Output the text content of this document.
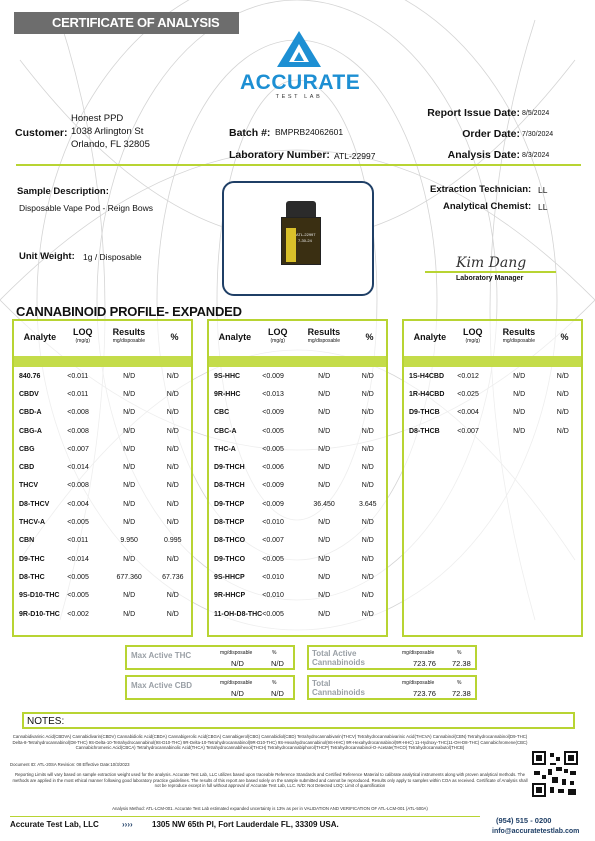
CERTIFICATE OF ANALYSIS
ACCURATE
TEST LAB
Customer:
Honest PPD
1038 Arlington St
Orlando, FL 32805
Batch #: BMPRB24062601
Laboratory Number: ATL-22997
Report Issue Date: 8/5/2024
Order Date: 7/30/2024
Analysis Date: 8/3/2024
Sample Description:
Disposable Vape Pod - Reign Bows
Unit Weight: 1g / Disposable
ATL-22997
7-30-24
Extraction Technician: LL
Analytical Chemist: LL
Kim Dang
Laboratory Manager
CANNABINOID PROFILE- EXPANDED
Analyte	LOQ
(mg/g)
Results
mg/disposable	%
840.76	<0.011	N/D	N/D
CBDV	<0.011	N/D	N/D
CBD-A	<0.008	N/D	N/D
CBG-A	<0.008	N/D	N/D
CBG	<0.007	N/D	N/D
CBD	<0.014	N/D	N/D
THCV	<0.008	N/D	N/D
D8-THCV	<0.004	N/D	N/D
THCV-A	<0.005	N/D	N/D
CBN	<0.011	9.950	0.995
D9-THC	<0.014	N/D	N/D
D8-THC	<0.005	677.360	67.736
9S-D10-THC	<0.005	N/D	N/D
9R-D10-THC	<0.002	N/D	N/D
Analyte	LOQ
(mg/g)
Results
mg/disposable	%
9S-HHC	<0.009	N/D	N/D
9R-HHC	<0.013	N/D	N/D
CBC	<0.009	N/D	N/D
CBC-A	<0.005	N/D	N/D
THC-A	<0.005	N/D	N/D
D9-THCH	<0.006	N/D	N/D
D8-THCH	<0.009	N/D	N/D
D9-THCP	<0.009	36.450	3.645
D8-THCP	<0.010	N/D	N/D
D8-THCO	<0.007	N/D	N/D
D9-THCO	<0.005	N/D	N/D
9S-HHCP	<0.010	N/D	N/D
9R-HHCP	<0.010	N/D	N/D
11-OH-D8-THC <0.005	N/D	N/D
Analyte	LOQ
(mg/g)
Results
mg/disposable	%
1S-H4CBD	<0.012	N/D	N/D
1R-H4CBD	<0.025	N/D	N/D
D9-THCB	<0.004	N/D	N/D
D8-THCB	<0.007	N/D	N/D
Max Active THC	mg/disposable	%
N/D	N/D
Max Active CBD	mg/disposable	%
N/D	N/D
Total Active
Cannabinoids
mg/disposable	%
723.76 72.38
Total
Cannabinoids
mg/disposable	%
723.76 72.38
NOTES:
Cannabidivarinic Acid(CBDVA) Cannabidivarin(CBDV) Cannabidiolic Acid(CBDA) Cannabigerolic Acid(CBGA) Cannabigerol(CBG) Cannabidiol(CBD) Tetrahydrocannabivarin(THCV) Tetrahydrocannabivarinic Acid(THCVA) Cannabinol(CBN) Tetrahydrocannabinol(D9-THC) Delta-8-Tetrahydrocannabinol(D8-THC) 9S-Delta-10-Tetrahydrocannabinol(9S-D10-THC) 9R-Delta-10-Tetrahydrocannabinol(9R-D10-THC) 9S-Hexahydrocannabinol(9S-HHC) 9R-Hexahydrocannabinol(9R-HHC) 11-Hydroxy-THC(11-OH-D8-THC) Cannabichromene(CBC) Cannabichromenic Acid(CBCA) Tetrahydrocannabinolic Acid(THCA) Tetrahydrocannabihexol(THCH) Tetrahydrocannabiphorol(THCP) Tetrahydrocannabinol-O-Acetate(THCO) Tetrahydrocannabutol(THCB)
Document ID: ATL-20SA Revision: 08 Effective Date:10/3/2023
Reporting Limits will vary based on sample extraction weight used for the analysis. Accurate Test Lab, LLC utilizes based upon traceable Reference Standards and Certified Reference Material to calibrate analytical instruments along with proven analytical methods. The methods are applied in the most ethical manner following good laboratory practice guidelines. The results of this report are based solely on the sample submitted and cannot be reproduced. Results only apply to samples within COA as received. Certificate of Analysis shall not be reproduce except in full without approval of Accurate Test Lab, LLC. N/D: Not Detected LOQ: Limit of quantification
Analysis Method: ATL-LCM-001. Accurate Test Lab estimated expanded uncertainty is 13% as per in VALIDATION AND VERIFICATION OF ATL-LCM-001 (ATL-500A)
Accurate Test Lab, LLC	›››› 1305 NW 65th Pl, Fort Lauderdale FL, 33309 USA.	(954) 515 - 0200
info@accuratetestlab.com
